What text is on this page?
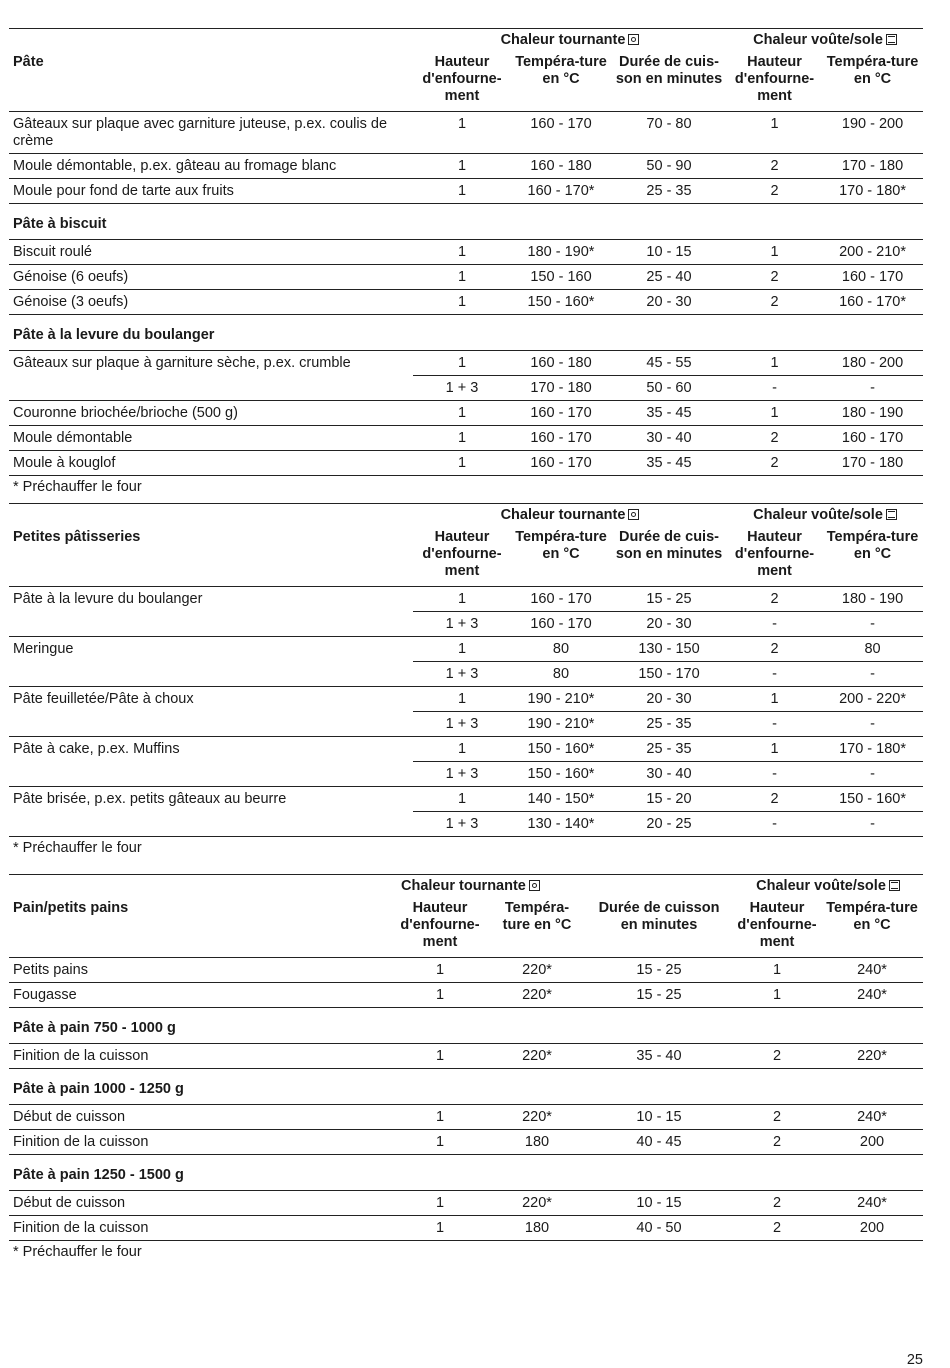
	Chaleur tournante			Chaleur voûte/sole	
Pâte	Hauteur d'enfourne-ment	Tempéra-ture en °C	Durée de cuis-son en minutes	Hauteur d'enfourne-ment	Tempéra-ture en °C
Gâteaux sur plaque avec garniture juteuse, p.ex. coulis de crème	1	160 - 170	70 - 80	1	190 - 200
Moule démontable, p.ex. gâteau au fromage blanc	1	160 - 180	50 - 90	2	170 - 180
Moule pour fond de tarte aux fruits	1	160 - 170*	25 - 35	2	170 - 180*
Pâte à biscuit					
Biscuit roulé	1	180 - 190*	10 - 15	1	200 - 210*
Génoise (6 oeufs)	1	150 - 160	25 - 40	2	160 - 170
Génoise (3 oeufs)	1	150 - 160*	20 - 30	2	160 - 170*
Pâte à la levure du boulanger					
Gâteaux sur plaque à garniture sèche, p.ex. crumble	1	160 - 180	45 - 55	1	180 - 200
	1 + 3	170 - 180	50 - 60	-	-
Couronne briochée/brioche (500 g)	1	160 - 170	35 - 45	1	180 - 190
Moule démontable	1	160 - 170	30 - 40	2	160 - 170
Moule à kouglof	1	160 - 170	35 - 45	2	170 - 180
* Préchauffer le four					
	Chaleur tournante			Chaleur voûte/sole	
Petites pâtisseries	Hauteur d'enfourne-ment	Tempéra-ture en °C	Durée de cuis-son en minutes	Hauteur d'enfourne-ment	Tempéra-ture en °C
Pâte à la levure du boulanger	1	160 - 170	15 - 25	2	180 - 190
	1 + 3	160 - 170	20 - 30	-	-
Meringue	1	80	130 - 150	2	80
	1 + 3	80	150 - 170	-	-
Pâte feuilletée/Pâte à choux	1	190 - 210*	20 - 30	1	200 - 220*
	1 + 3	190 - 210*	25 - 35	-	-
Pâte à cake, p.ex. Muffins	1	150 - 160*	25 - 35	1	170 - 180*
	1 + 3	150 - 160*	30 - 40	-	-
Pâte brisée, p.ex. petits gâteaux au beurre	1	140 - 150*	15 - 20	2	150 - 160*
	1 + 3	130 - 140*	20 - 25	-	-
* Préchauffer le four					
	Chaleur tournante			Chaleur voûte/sole	
Pain/petits pains	Hauteur d'enfourne-ment	Tempéra-ture en °C	Durée de cuisson en minutes	Hauteur d'enfourne-ment	Tempéra-ture en °C
Petits pains	1	220*	15 - 25	1	240*
Fougasse	1	220*	15 - 25	1	240*
Pâte à pain 750 - 1000 g					
Finition de la cuisson	1	220*	35 - 40	2	220*
Pâte à pain 1000 - 1250 g					
Début de cuisson	1	220*	10 - 15	2	240*
Finition de la cuisson	1	180	40 - 45	2	200
Pâte à pain 1250 - 1500 g					
Début de cuisson	1	220*	10 - 15	2	240*
Finition de la cuisson	1	180	40 - 50	2	200
* Préchauffer le four					
25
